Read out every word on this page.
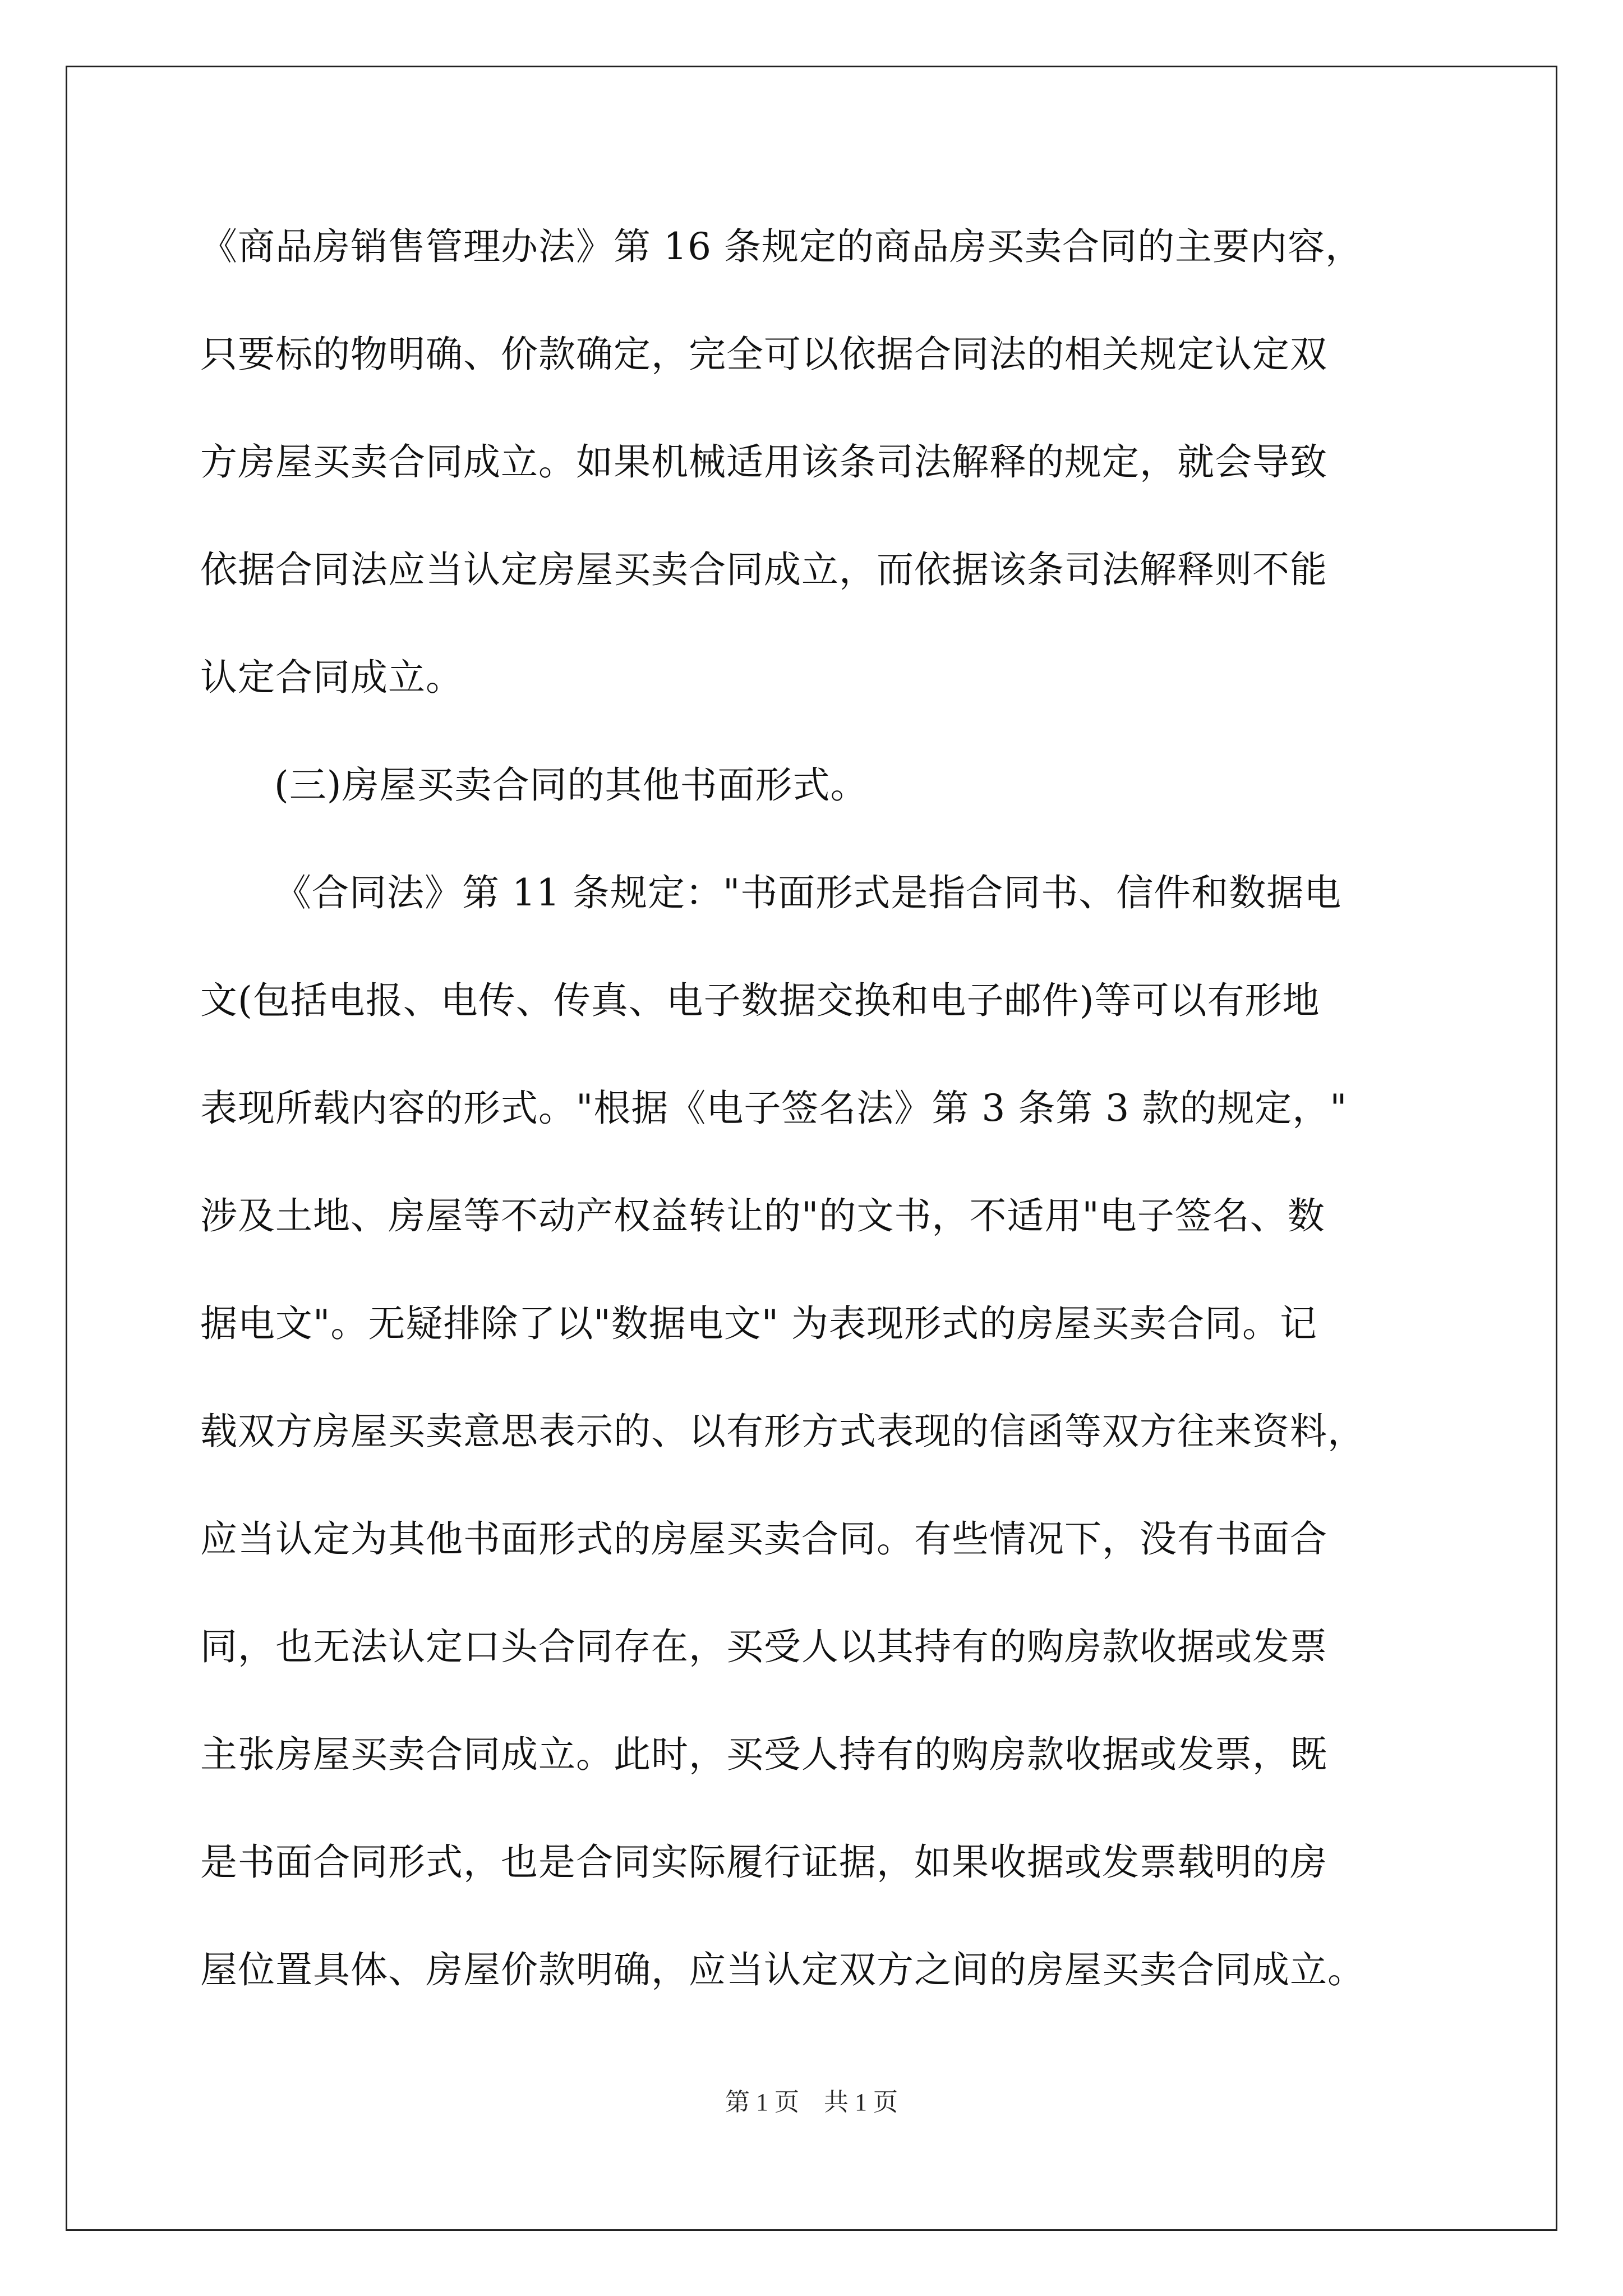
《商品房销售管理办法》第 16 条规定的商品房买卖合同的主要内容，
只要标的物明确、价款确定，完全可以依据合同法的相关规定认定双
方房屋买卖合同成立。如果机械适用该条司法解释的规定，就会导致
依据合同法应当认定房屋买卖合同成立，而依据该条司法解释则不能
认定合同成立。
(三)房屋买卖合同的其他书面形式。
《合同法》第 11 条规定："书面形式是指合同书、信件和数据电
文(包括电报、电传、传真、电子数据交换和电子邮件)等可以有形地
表现所载内容的形式。"根据《电子签名法》第 3 条第 3 款的规定，"
涉及土地、房屋等不动产权益转让的"的文书，不适用"电子签名、数
据电文"。无疑排除了以"数据电文" 为表现形式的房屋买卖合同。记
载双方房屋买卖意思表示的、以有形方式表现的信函等双方往来资料，
应当认定为其他书面形式的房屋买卖合同。有些情况下，没有书面合
同，也无法认定口头合同存在，买受人以其持有的购房款收据或发票
主张房屋买卖合同成立。此时，买受人持有的购房款收据或发票，既
是书面合同形式，也是合同实际履行证据，如果收据或发票载明的房
屋位置具体、房屋价款明确，应当认定双方之间的房屋买卖合同成立。
第 1 页　共 1 页
